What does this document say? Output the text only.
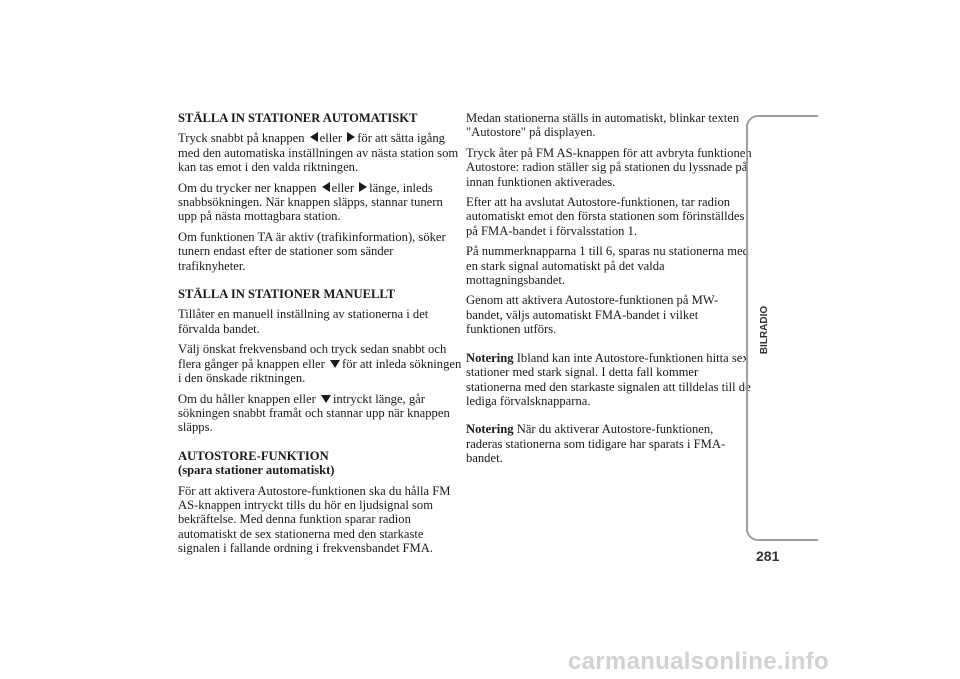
STÄLLA IN STATIONER AUTOMATISKT

Tryck snabbt på knappen eller för att sätta igång med den automatiska inställningen av nästa station som kan tas emot i den valda riktningen.

Om du trycker ner knappen eller länge, inleds snabbsökningen. När knappen släpps, stannar tunern upp på nästa mottagbara station.

Om funktionen TA är aktiv (trafikinformation), söker tunern endast efter de stationer som sänder trafiknyheter.

STÄLLA IN STATIONER MANUELLT

Tillåter en manuell inställning av stationerna i det förvalda bandet.

Välj önskat frekvensband och tryck sedan snabbt och flera gånger på knappen eller för att inleda sökningen i den önskade riktningen.

Om du håller knappen eller intryckt länge, går sökningen snabbt framåt och stannar upp när knappen släpps.

AUTOSTORE-FUNKTION
(spara stationer automatiskt)

För att aktivera Autostore-funktionen ska du hålla FM AS-knappen intryckt tills du hör en ljudsignal som bekräftelse. Med denna funktion sparar radion automatiskt de sex stationerna med den starkaste signalen i fallande ordning i frekvensbandet FMA.

Medan stationerna ställs in automatiskt, blinkar texten "Autostore" på displayen.

Tryck åter på FM AS-knappen för att avbryta funktionen Autostore: radion ställer sig på stationen du lyssnade på innan funktionen aktiverades.

Efter att ha avslutat Autostore-funktionen, tar radion automatiskt emot den första stationen som förinställdes på FMA-bandet i förvalsstation 1.

På nummerknapparna 1 till 6, sparas nu stationerna med en stark signal automatiskt på det valda mottagningsbandet.

Genom att aktivera Autostore-funktionen på MW-bandet, väljs automatiskt FMA-bandet i vilket funktionen utförs.

Notering Ibland kan inte Autostore-funktionen hitta sex stationer med stark signal. I detta fall kommer stationerna med den starkaste signalen att tilldelas till de lediga förvalsknapparna.

Notering När du aktiverar Autostore-funktionen, raderas stationerna som tidigare har sparats i FMA-bandet.

BILRADIO
281
carmanualsonline.info
